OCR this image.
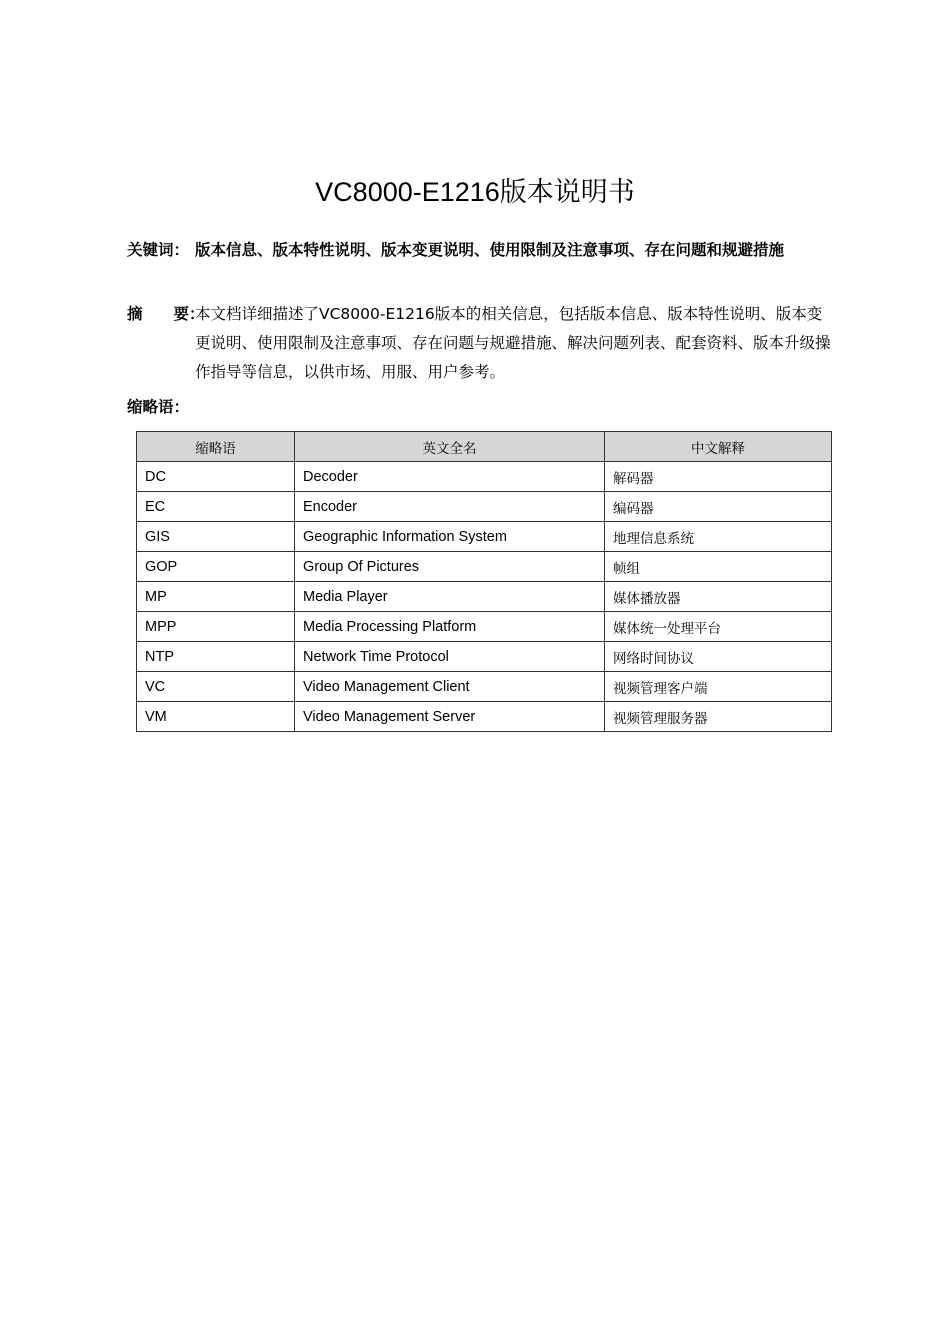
VC8000-E1216版本说明书
关键词： 版本信息、版本特性说明、版本变更说明、使用限制及注意事项、存在问题和规避措施
摘　　要：
本文档详细描述了VC8000-E1216版本的相关信息，包括版本信息、版本特性说明、版本变更说明、使用限制及注意事项、存在问题与规避措施、解决问题列表、配套资料、版本升级操作指导等信息，以供市场、用服、用户参考。
缩略语：
缩略语	英文全名	中文解释
DC	Decoder	解码器
EC	Encoder	编码器
GIS	Geographic Information System	地理信息系统
GOP	Group Of Pictures	帧组
MP	Media Player	媒体播放器
MPP	Media Processing Platform	媒体统一处理平台
NTP	Network Time Protocol	网络时间协议
VC	Video Management Client	视频管理客户端
VM	Video Management Server	视频管理服务器
